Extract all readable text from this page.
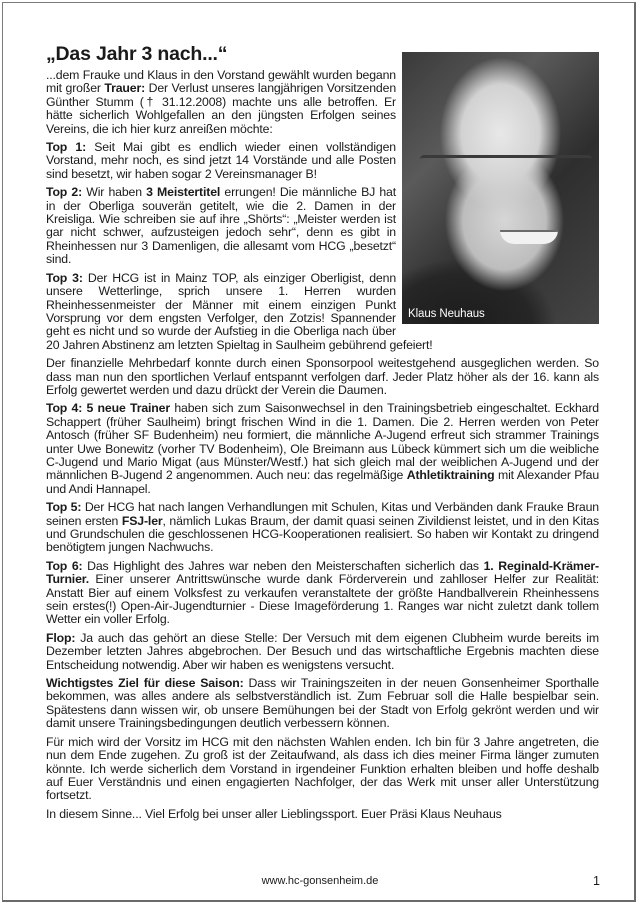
„Das Jahr 3 nach...“
Klaus Neuhaus

...dem Frauke und Klaus in den Vorstand gewählt wurden begann mit großer Trauer: Der Verlust unseres langjährigen Vorsitzenden Günther Stumm († 31.12.2008) machte uns alle betroffen. Er hätte sicherlich Wohlgefallen an den jüngsten Erfolgen seines Vereins, die ich hier kurz anreißen möchte:

Top 1: Seit Mai gibt es endlich wieder einen vollständigen Vorstand, mehr noch, es sind jetzt 14 Vorstände und alle Posten sind besetzt, wir haben sogar 2 Vereinsmanager B!

Top 2: Wir haben 3 Meistertitel errungen! Die männliche BJ hat in der Oberliga souverän getitelt, wie die 2. Damen in der Kreisliga. Wie schreiben sie auf ihre „Shörts“: „Meister werden ist gar nicht schwer, aufzusteigen jedoch sehr“, denn es gibt in Rheinhessen nur 3 Damenligen, die allesamt vom HCG „besetzt“ sind.

Top 3: Der HCG ist in Mainz TOP, als einziger Oberligist, denn unsere Wetterlinge, sprich unsere 1. Herren wurden Rheinhessenmeister der Männer mit einem einzigen Punkt Vorsprung vor dem engsten Verfolger, den Zotzis! Spannender geht es nicht und so wurde der Aufstieg in die Oberliga nach über 20 Jahren Abstinenz am letzten Spieltag in Saulheim gebührend gefeiert!

Der finanzielle Mehrbedarf konnte durch einen Sponsorpool weitestgehend ausgeglichen werden. So dass man nun den sportlichen Verlauf entspannt verfolgen darf. Jeder Platz höher als der 16. kann als Erfolg gewertet werden und dazu drückt der Verein die Daumen.

Top 4: 5 neue Trainer haben sich zum Saisonwechsel in den Trainingsbetrieb eingeschaltet. Eckhard Schappert (früher Saulheim) bringt frischen Wind in die 1. Damen. Die 2. Herren werden von Peter Antosch (früher SF Budenheim) neu formiert, die männliche A-Jugend erfreut sich strammer Trainings unter Uwe Bonewitz (vorher TV Bodenheim), Ole Breimann aus Lübeck kümmert sich um die weibliche C-Jugend und Mario Migat (aus Münster/Westf.) hat sich gleich mal der weiblichen A-Jugend und der männlichen B-Jugend 2 angenommen. Auch neu: das regelmäßige Athletiktraining mit Alexander Pfau und Andi Hannapel.

Top 5: Der HCG hat nach langen Verhandlungen mit Schulen, Kitas und Verbänden dank Frauke Braun seinen ersten FSJ-ler, nämlich Lukas Braum, der damit quasi seinen Zivildienst leistet, und in den Kitas und Grundschulen die geschlossenen HCG-Kooperationen realisiert. So haben wir Kontakt zu dringend benötigtem jungen Nachwuchs.

Top 6: Das Highlight des Jahres war neben den Meisterschaften sicherlich das 1. Reginald-Krämer-Turnier. Einer unserer Antrittswünsche wurde dank Förderverein und zahlloser Helfer zur Realität: Anstatt Bier auf einem Volksfest zu verkaufen veranstaltete der größte Handballverein Rheinhessens sein erstes(!) Open-Air-Jugendturnier - Diese Imageförderung 1. Ranges war nicht zuletzt dank tollem Wetter ein voller Erfolg.

Flop: Ja auch das gehört an diese Stelle: Der Versuch mit dem eigenen Clubheim wurde bereits im Dezember letzten Jahres abgebrochen. Der Besuch und das wirtschaftliche Ergebnis machten diese Entscheidung notwendig. Aber wir haben es wenigstens versucht.

Wichtigstes Ziel für diese Saison: Dass wir Trainingszeiten in der neuen Gonsenheimer Sporthalle bekommen, was alles andere als selbstverständlich ist. Zum Februar soll die Halle bespielbar sein. Spätestens dann wissen wir, ob unsere Bemühungen bei der Stadt von Erfolg gekrönt werden und wir damit unsere Trainingsbedingungen deutlich verbessern können.

Für mich wird der Vorsitz im HCG mit den nächsten Wahlen enden. Ich bin für 3 Jahre angetreten, die nun dem Ende zugehen. Zu groß ist der Zeitaufwand, als dass ich dies meiner Firma länger zumuten könnte. Ich werde sicherlich dem Vorstand in irgendeiner Funktion erhalten bleiben und hoffe deshalb auf Euer Verständnis und einen engagierten Nachfolger, der das Werk mit unser aller Unterstützung fortsetzt.

In diesem Sinne... Viel Erfolg bei unser aller Lieblingssport. Euer Präsi Klaus Neuhaus

www.hc-gonsenheim.de	1
